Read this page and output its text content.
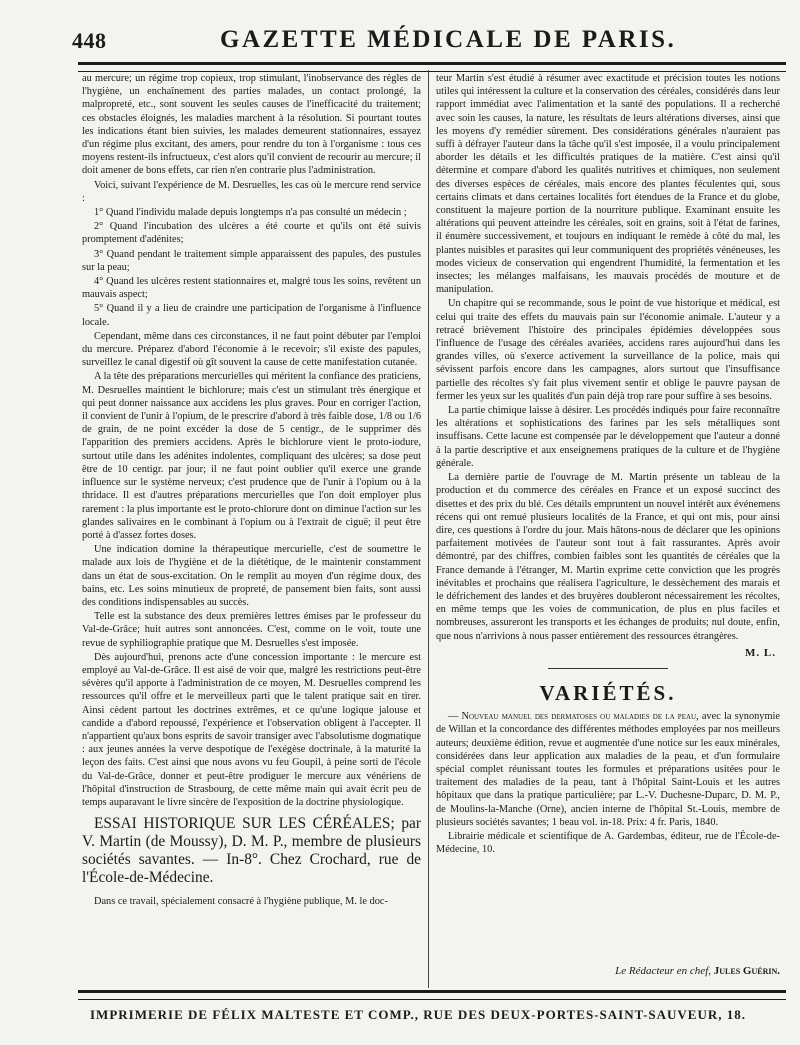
448	GAZETTE MÉDICALE DE PARIS.

au mercure; un régime trop copieux, trop stimulant, l'inobservance des règles de l'hygiène, un enchaînement des parties malades, un contact prolongé, la malpropreté, etc., sont souvent les seules causes de l'inefficacité du traitement; ces obstacles éloignés, les maladies marchent à la résolution. Si pourtant toutes les indications étant bien suivies, les malades demeurent stationnaires, essayez d'un régime plus excitant, des amers, pour rendre du ton à l'organisme : tous ces moyens restent-ils infructueux, c'est alors qu'il convient de recourir au mercure; il doit amener de bons effets, car rien n'en contrarie plus l'administration.

Voici, suivant l'expérience de M. Desruelles, les cas où le mercure rend service :

1° Quand l'individu malade depuis longtemps n'a pas consulté un médecin ;

2° Quand l'incubation des ulcères a été courte et qu'ils ont été suivis promptement d'adénites;

3° Quand pendant le traitement simple apparaissent des papules, des pustules sur la peau;

4° Quand les ulcères restent stationnaires et, malgré tous les soins, revêtent un mauvais aspect;

5° Quand il y a lieu de craindre une participation de l'organisme à l'influence locale.

Cependant, même dans ces circonstances, il ne faut point débuter par l'emploi du mercure. Préparez d'abord l'économie à le recevoir; s'il existe des papules, surveillez le canal digestif où gît souvent la cause de cette manifestation cutanée.

A la tête des préparations mercurielles qui méritent la confiance des praticiens, M. Desruelles maintient le bichlorure; mais c'est un stimulant très énergique et qui peut donner naissance aux accidens les plus graves. Pour en corriger l'action, il convient de l'unir à l'opium, de le prescrire d'abord à très faible dose, 1/8 ou 1/6 de grain, de ne point excéder la dose de 5 centigr., de le supprimer dès l'apparition des premiers accidens. Après le bichlorure vient le proto-iodure, surtout utile dans les adénites indolentes, compliquant des ulcères; sa dose peut être de 10 centigr. par jour; il ne faut point oublier qu'il exerce une grande influence sur le système nerveux; c'est prudence que de l'unir à l'opium ou à la thridace. Il est d'autres préparations mercurielles que l'on doit employer plus rarement : la plus importante est le proto-chlorure dont on diminue l'action sur les glandes salivaires en le combinant à l'opium ou à l'extrait de ciguë; il peut être porté à d'assez fortes doses.

Une indication domine la thérapeutique mercurielle, c'est de soumettre le malade aux lois de l'hygiène et de la diététique, de le maintenir constamment dans un état de sous-excitation. On le remplit au moyen d'un régime doux, des bains, etc. Les soins minutieux de propreté, de pansement bien faits, sont aussi des conditions indispensables au succès.

Telle est la substance des deux premières lettres émises par le professeur du Val-de-Grâce; huit autres sont annoncées. C'est, comme on le voit, toute une revue de syphiliographie pratique que M. Desruelles s'est imposée.

Dès aujourd'hui, prenons acte d'une concession importante : le mercure est employé au Val-de-Grâce. Il est aisé de voir que, malgré les restrictions peut-être sévères qu'il apporte à l'administration de ce moyen, M. Desruelles comprend les ressources qu'il offre et le merveilleux parti que le talent pratique sait en tirer. Ainsi cèdent partout les doctrines extrêmes, et ce qu'une logique jalouse et candide a d'abord repoussé, l'expérience et l'observation obligent à l'accepter. Il n'appartient qu'aux bons esprits de savoir transiger avec l'absolutisme dogmatique : aux jeunes années la verve despotique de l'exégèse doctrinale, à la maturité la leçon des faits. C'est ainsi que nous avons vu feu Goupil, à peine sorti de l'école du Val-de-Grâce, donner et peut-être prodiguer le mercure aux vénériens de l'hôpital d'instruction de Strasbourg, de cette même main qui avait écrit peu de temps auparavant le livre sincère de l'exposition de la doctrine physiologique.

ESSAI HISTORIQUE SUR LES CÉRÉALES; par V. Martin (de Moussy), D. M. P., membre de plusieurs sociétés savantes. — In-8°. Chez Crochard, rue de l'École-de-Médecine.

Dans ce travail, spécialement consacré à l'hygiène publique, M. le doc-

teur Martin s'est étudié à résumer avec exactitude et précision toutes les notions utiles qui intéressent la culture et la conservation des céréales, considérés dans leur rapport immédiat avec l'alimentation et la santé des populations. Il a recherché avec soin les causes, la nature, les résultats de leurs altérations diverses, ainsi que les moyens d'y remédier sûrement. Des considérations générales n'auraient pas suffi à défrayer l'auteur dans la tâche qu'il s'est imposée, il a voulu principalement aborder les détails et les difficultés pratiques de la matière. C'est ainsi qu'il détermine et compare d'abord les qualités nutritives et chimiques, non seulement des diverses espèces de céréales, mais encore des plantes féculentes qui, sous certains climats et dans certaines localités fort étendues de la France et du globe, constituent la majeure portion de la nourriture publique. Examinant ensuite les altérations qui peuvent atteindre les céréales, soit en grains, soit à l'état de farines, il énumère successivement, et toujours en indiquant le remède à côté du mal, les plantes nuisibles et parasites qui leur communiquent des propriétés vénéneuses, les modes vicieux de conservation qui engendrent l'humidité, la fermentation et les insectes; les mélanges malfaisans, les mauvais procédés de mouture et de manipulation.

Un chapitre qui se recommande, sous le point de vue historique et médical, est celui qui traite des effets du mauvais pain sur l'économie animale. L'auteur y a retracé brièvement l'histoire des principales épidémies développées sous l'influence de l'usage des céréales avariées, accidens rares aujourd'hui dans les grandes villes, où s'exerce activement la surveillance de la police, mais qui sévissent parfois encore dans les campagnes, alors surtout que l'insuffisance partielle des récoltes s'y fait plus vivement sentir et oblige le pauvre paysan de fermer les yeux sur les qualités d'un pain déjà trop rare pour suffire à ses besoins.

La partie chimique laisse à désirer. Les procédés indiqués pour faire reconnaître les altérations et sophistications des farines par les sels métalliques sont insuffisans. Cette lacune est compensée par le développement que l'auteur a donné à la partie descriptive et aux enseignemens pratiques de la culture et de l'hygiène générale.

La dernière partie de l'ouvrage de M. Martin présente un tableau de la production et du commerce des céréales en France et un exposé succinct des disettes et des prix du blé. Ces détails empruntent un nouvel intérêt aux événemens récens qui ont remué plusieurs localités de la France, et qui ont mis, pour ainsi dire, ces questions à l'ordre du jour. Mais hâtons-nous de déclarer que les opinions parfaitement motivées de l'auteur sont tout à fait rassurantes. Après avoir démontré, par des chiffres, combien faibles sont les quantités de céréales que la France demande à l'étranger, M. Martin exprime cette conviction que les progrès inévitables et prochains que réalisera l'agriculture, le dessèchement des marais et le défrichement des landes et des bruyères doubleront nécessairement les récoltes, en même temps que les voies de communication, de plus en plus faciles et nombreuses, assureront les transports et les échanges de produits; nul doute, enfin, que nous n'arrivions à nous passer entièrement des ressources étrangères.

M. L.
VARIÉTÉS.

— Nouveau manuel des dermatoses ou maladies de la peau, avec la synonymie de Willan et la concordance des différentes méthodes employées par nos meilleurs auteurs; deuxième édition, revue et augmentée d'une notice sur les eaux minérales, considérées dans leur application aux maladies de la peau, et d'un formulaire spécial complet réunissant toutes les formules et préparations usitées pour le traitement des maladies de la peau, tant à l'hôpital Saint-Louis et les autres hôpitaux que dans la pratique particulière; par L.-V. Duchesne-Duparc, D. M. P., de Moulins-la-Manche (Orne), ancien interne de l'hôpital St.-Louis, membre de plusieurs sociétés savantes; 1 beau vol. in-18. Prix: 4 fr. Paris, 1840.

Librairie médicale et scientifique de A. Gardembas, éditeur, rue de l'École-de-Médecine, 10.

Le Rédacteur en chef, Jules Guérin.
IMPRIMERIE DE FÉLIX MALTESTE ET COMP., RUE DES DEUX-PORTES-SAINT-SAUVEUR, 18.
